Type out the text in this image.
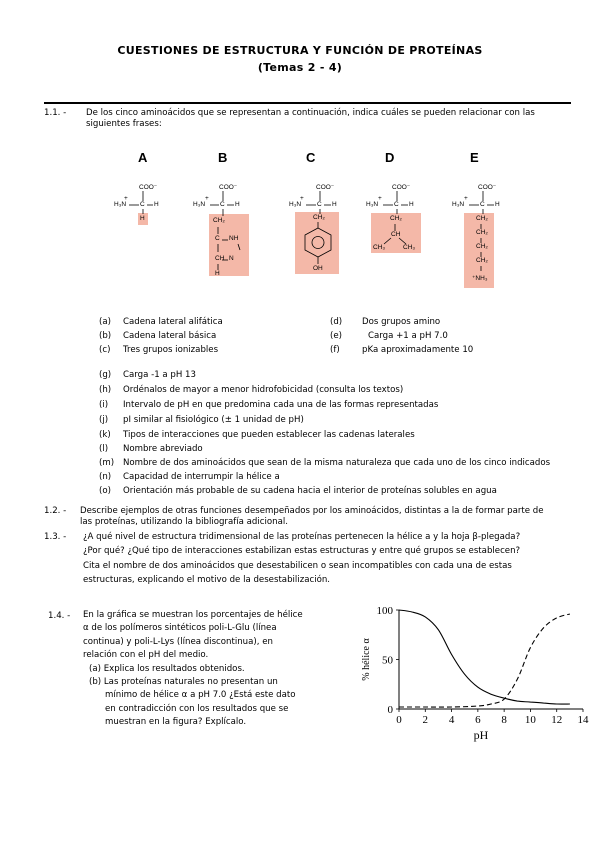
CUESTIONES DE ESTRUCTURA Y FUNCIÓN DE PROTEÍNAS
(Temas 2 - 4)
1.1. - De los cinco aminoácidos que se representan a continuación, indica cuáles se pueden relacionar con las
siguientes frases:
A	B	C	D	E
COO⁻
H₃N
+
C H
H
COO⁻
H₃N
+
C H
CH₂
C NH
CH N
H
COO⁻
H₃N
+
C H
CH₂
OH
COO⁻
H₃N
+
C H
CH₂
CH
CH₃	CH₃
COO⁻
H₃N
+
C H
CH₂
CH₂
CH₂
CH₂
⁺NH₃
(a) Cadena lateral alifática
(b) Cadena lateral básica
(c) Tres grupos ionizables
(d) Dos grupos amino
(e)	Carga +1 a pH 7.0
(f)	pKa aproximadamente 10
(g) Carga -1 a pH 13
(h) Ordénalos de mayor a menor hidrofobicidad (consulta los textos)
(i) Intervalo de pH en que predomina cada una de las formas representadas
(j) pI similar al fisiológico (± 1 unidad de pH)
(k) Tipos de interacciones que pueden establecer las cadenas laterales
(l) Nombre abreviado
(m) Nombre de dos aminoácidos que sean de la misma naturaleza que cada uno de los cinco indicados
(n) Capacidad de interrumpir la hélice a
(o) Orientación más probable de su cadena hacia el interior de proteínas solubles en agua
1.2. - Describe ejemplos de otras funciones desempeñados por los aminoácidos, distintas a la de formar parte de
las proteínas, utilizando la bibliografía adicional.
1.3. - ¿A qué nivel de estructura tridimensional de las proteínas pertenecen la hélice a y la hoja β-plegada?
¿Por qué? ¿Qué tipo de interacciones estabilizan estas estructuras y entre qué grupos se establecen?
Cita el nombre de dos aminoácidos que desestabilicen o sean incompatibles con cada una de estas
estructuras, explicando el motivo de la desestabilización.
1.4. - En la gráfica se muestran los porcentajes de hélice
α de los polímeros sintéticos poli-L-Glu (línea
continua) y poli-L-Lys (línea discontinua), en
relación con el pH del medio.
(a) Explica los resultados obtenidos.
(b) Las proteínas naturales no presentan un
mínimo de hélice α a pH 7.0 ¿Está este dato
en contradicción con los resultados que se
muestran en la figura? Explícalo.	0 2 4 6 8 10 12 14
0
50
100
pH
% hélice α
